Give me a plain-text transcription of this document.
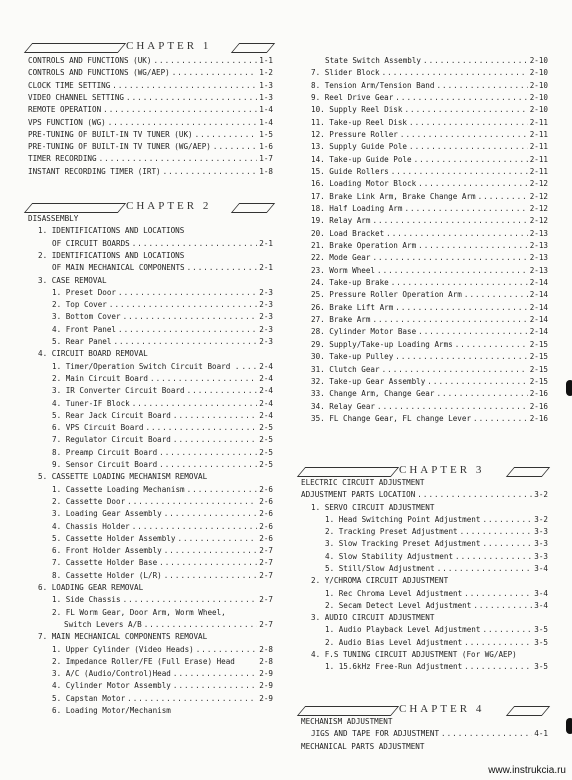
CHAPTER 1
CONTROLS AND FUNCTIONS (UK) .....	1-1
CONTROLS AND FUNCTIONS (WG/AEP) .....	1-2
CLOCK TIME SETTING .....	1-3
VIDEO CHANNEL SETTING .....	1-3
REMOTE OPERATION .....	1-4
VPS FUNCTION (WG) .....	1-4
PRE-TUNING OF BUILT-IN TV TUNER (UK) .....	1-5
PRE-TUNING OF BUILT-IN TV TUNER (WG/AEP) .....	1-6
TIMER RECORDING .....	1-7
INSTANT RECORDING TIMER (IRT) .....	1-8
CHAPTER 2
DISASSEMBLY
1. IDENTIFICATIONS AND LOCATIONS
OF CIRCUIT BOARDS .....	2-1
2. IDENTIFICATIONS AND LOCATIONS
OF MAIN MECHANICAL COMPONENTS .....	2-1
3. CASE REMOVAL
1. Preset Door .....	2-3
2. Top Cover .....	2-3
3. Bottom Cover .....	2-3
4. Front Panel .....	2-3
5. Rear Panel .....	2-3
4. CIRCUIT BOARD REMOVAL
1. Timer/Operation Switch Circuit Board . .....	2-4
2. Main Circuit Board .....	2-4
3. IR Converter Circuit Board .....	2-4
4. Tuner-IF Block .....	2-4
5. Rear Jack Circuit Board .....	2-4
6. VPS Circuit Board .....	2-5
7. Regulator Circuit Board .....	2-5
8. Preamp Circuit Board .....	2-5
9. Sensor Circuit Board .....	2-5
5. CASSETTE LOADING MECHANISM REMOVAL
1. Cassette Loading Mechanism .....	2-6
2. Cassette Door .....	2-6
3. Loading Gear Assembly .....	2-6
4. Chassis Holder .....	2-6
5. Cassette Holder Assembly .....	2-6
6. Front Holder Assembly .....	2-7
7. Cassette Holder Base .....	2-7
8. Cassette Holder (L/R) .....	2-7
6. LOADING GEAR REMOVAL
1. Side Chassis .....	2-7
2. FL Worm Gear, Door Arm, Worm Wheel,
Switch Levers A/B .....	2-7
7. MAIN MECHANICAL COMPONENTS REMOVAL
1. Upper Cylinder (Video Heads) .....	2-8
2. Impedance Roller/FE (Full Erase) Head	2-8
3. A/C (Audio/Control)Head .....	2-9
4. Cylinder Motor Assembly .....	2-9
5. Capstan Motor .....	2-9
6. Loading Motor/Mechanism
State Switch Assembly .....	2-10
7. Slider Block .....	2-10
8. Tension Arm/Tension Band .....	2-10
9. Reel Drive Gear .....	2-10
10. Supply Reel Disk .....	2-10
11. Take-up Reel Disk .....	2-11
12. Pressure Roller .....	2-11
13. Supply Guide Pole .....	2-11
14. Take-up Guide Pole .....	2-11
15. Guide Rollers .....	2-11
16. Loading Motor Block .....	2-12
17. Brake Link Arm, Brake Change Arm .....	2-12
18. Half Loading Arm .....	2-12
19. Relay Arm .....	2-12
20. Load Bracket .....	2-13
21. Brake Operation Arm .....	2-13
22. Mode Gear .....	2-13
23. Worm Wheel .....	2-13
24. Take-up Brake .....	2-14
25. Pressure Roller Operation Arm .....	2-14
26. Brake Lift Arm .....	2-14
27. Brake Arm .....	2-14
28. Cylinder Motor Base .....	2-14
29. Supply/Take-up Loading Arms .....	2-15
30. Take-up Pulley .....	2-15
31. Clutch Gear .....	2-15
32. Take-up Gear Assembly .....	2-15
33. Change Arm, Change Gear .....	2-16
34. Relay Gear .....	2-16
35. FL Change Gear, FL change Lever .....	2-16
CHAPTER 3
ELECTRIC CIRCUIT ADJUSTMENT
ADJUSTMENT PARTS LOCATION .....	3-2
1. SERVO CIRCUIT ADJUSTMENT
1. Head Switching Point Adjustment .....	3-2
2. Tracking Preset Adjustment .....	3-3
3. Slow Tracking Preset Adjustment .....	3-3
4. Slow Stability Adjustment .....	3-3
5. Still/Slow Adjustment .....	3-4
2. Y/CHROMA CIRCUIT ADJUSTMENT
1. Rec Chroma Level Adjustment .....	3-4
2. Secam Detect Level Adjustment .....	3-4
3. AUDIO CIRCUIT ADJUSTMENT
1. Audio Playback Level Adjustment .....	3-5
2. Audio Bias Level Adjustment .....	3-5
4. F.S TUNING CIRCUIT ADJUSTMENT (For WG/AEP)
1. 15.6kHz Free-Run Adjustment .....	3-5
CHAPTER 4
MECHANISM ADJUSTMENT
JIGS AND TAPE FOR ADJUSTMENT .....	4-1
MECHANICAL PARTS ADJUSTMENT
www.instrukcia.ru
